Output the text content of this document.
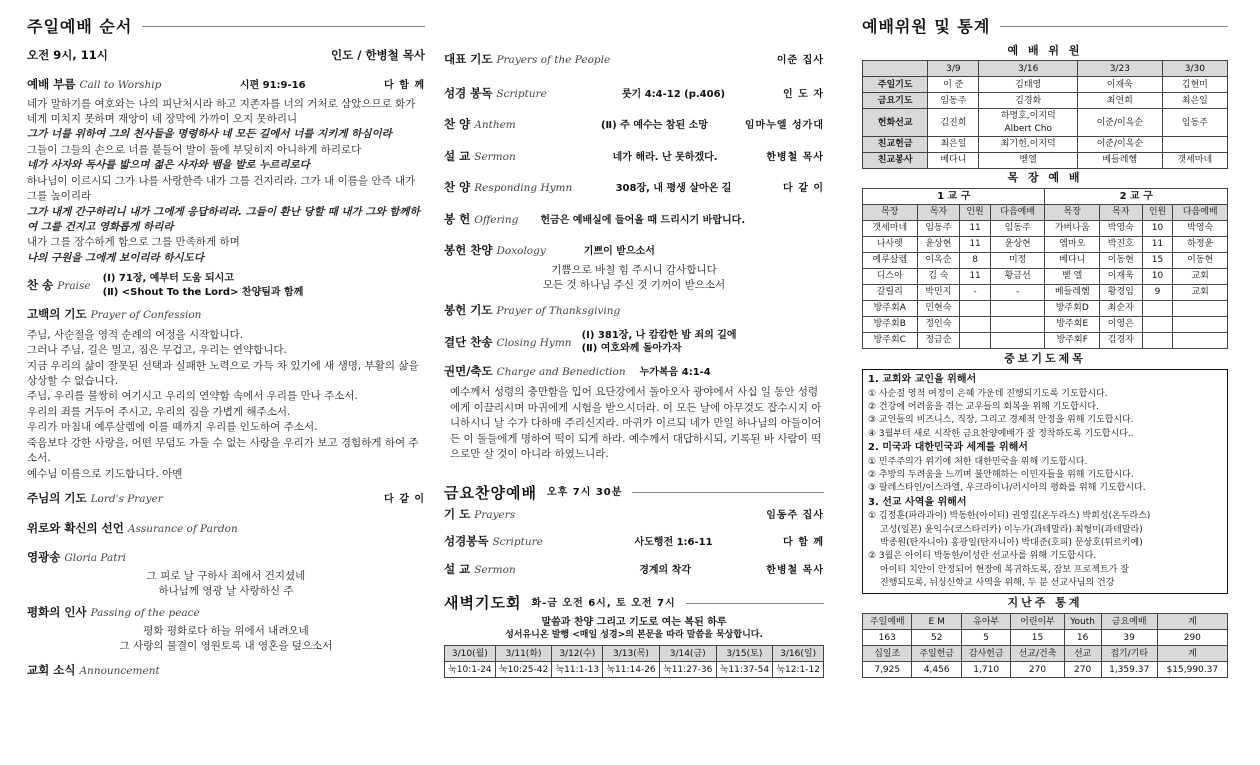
주일예배 순서
오전 9시, 11시	인도 / 한병철 목사
예배 부름 Call to Worship	시편 91:9-16	다 함 께
네가 말하기를 여호와는 나의 피난처시라 하고 지존자를 너의 거처로 삼았으므로 화가 네게 미치지 못하며 재앙이 네 장막에 가까이 오지 못하리니
그가 너를 위하여 그의 천사들을 명령하사 네 모든 길에서 너를 지키게 하심이라
그들이 그들의 손으로 너를 붙들어 발이 돌에 부딪히지 아니하게 하리로다
네가 사자와 독사를 밟으며 젊은 사자와 뱀을 발로 누르리로다
하나님이 이르시되 그가 나를 사랑한즉 내가 그를 건지리라. 그가 내 이름을 안즉 내가 그를 높이리라
그가 내게 간구하리니 내가 그에게 응답하리라. 그들이 환난 당할 때 내가 그와 함께하여 그를 건지고 영화롭게 하리라
내가 그를 장수하게 함으로 그를 만족하게 하며
나의 구원을 그에게 보이리라 하시도다
찬 송 Praise
(Ⅰ) 71장, 예부터 도움 되시고
(Ⅱ) <Shout To the Lord> 찬양팀과 함께
고백의 기도 Prayer of Confession
주님, 사순절을 영적 순례의 여정을 시작합니다.
그러나 주님, 길은 멀고, 짐은 무겁고, 우리는 연약합니다.
지금 우리의 삶이 잘못된 선택과 실패한 노력으로 가득 차 있기에 새 생명, 부활의 삶을 상상할 수 없습니다.
주님, 우리를 불쌍히 여기시고 우리의 연약함 속에서 우리를 만나 주소서.
우리의 죄를 거두어 주시고, 우리의 짐을 가볍게 해주소서.
우리가 마침내 예루살렘에 이를 때까지 우리를 인도하여 주소서.
죽음보다 강한 사랑을, 어떤 무덤도 가둘 수 없는 사랑을 우리가 보고 경험하게 하여 주소서.
예수님 이름으로 기도합니다. 아멘
주님의 기도 Lord's Prayer	다 같 이
위로와 확신의 선언 Assurance of Pardon
영광송 Gloria Patri
그 피로 날 구하사 죄에서 건지셨네
하나님께 영광 날 사랑하신 주
평화의 인사 Passing of the peace
평화 평화로다 하늘 위에서 내려오네
그 사랑의 물결이 영원토록 내 영혼을 덮으소서
교회 소식 Announcement
대표 기도 Prayers of the People	이준 집사
성경 봉독 Scripture	룻기 4:4-12 (p.406)	인 도 자
찬 양 Anthem	(Ⅱ) 주 예수는 참된 소망	임마누엘 성가대
설 교 Sermon	네가 해라. 난 못하겠다.	한병철 목사
찬 양 Responding Hymn	308장, 내 평생 살아온 길	다 같 이
봉 헌 Offering 헌금은 예배실에 들어올 때 드리시기 바랍니다.
봉헌 찬양 Doxology	기쁘이 받으소서
기쁨으로 바칠 힘 주시니 감사합니다
모든 것 하나님 주신 것 기꺼이 받으소서
봉헌 기도 Prayer of Thanksgiving
결단 찬송 Closing Hymn
(Ⅰ) 381장, 나 캄캄한 밤 죄의 길에
(Ⅱ) 여호와께 돌아가자
권면/축도 Charge and Benediction 누가복음 4:1-4
예수께서 성령의 충만함을 입어 요단강에서 돌아오사 광야에서 사십 일 동안 성령에게 이끌리시며 마귀에게 시험을 받으시더라. 이 모든 날에 아무것도 잡수시지 아니하시니 날 수가 다하매 주리신지라. 마귀가 이르되 네가 만일 하나님의 아들이어든 이 돌들에게 명하여 떡이 되게 하라. 예수께서 대답하시되, 기록된 바 사람이 떡으로만 살 것이 아니라 하였느니라.
금요찬양예배 오후 7시 30분
기 도 Prayers	임동주 집사
성경봉독 Scripture	사도행전 1:6-11	다 함 께
설 교 Sermon	경계의 착각	한병철 목사
새벽기도회 화-금 오전 6시, 토 오전 7시
말씀과 찬양 그리고 기도로 여는 복된 하루
성서유니온 발행 <매일 성경>의 본문을 따라 말씀을 묵상합니다.
3/10(월)	3/11(화)	3/12(수)	3/13(목)	3/14(금)	3/15(토)	3/16(일)
눅10:1-24	눅10:25-42	눅11:1-13	눅11:14-26	눅11:27-36	눅11:37-54	눅12:1-12
예배위원 및 통계
예 배 위 원
	3/9	3/16	3/23	3/30
주일기도	이 준	김태영	이재욱	김현미
금요기도	임동주	김경화	최연희	최은일
헌화선교	김진희	하명호,이지덕
Albert Cho	이준/이옥순	임동주
친교헌금	최은일	최기헌,이지덕	이준/이옥순	
친교봉사	베다니	벧엘	베들레헴	갯세마네
목 장 예 배
1 교 구				2 교 구			
목장	목자	인원	다음예배	목장	목자	인원	다음예배
갯세마네	임동주	11	임동주	가버나움	박영숙	10	박영숙
나사렛	윤상현	11	윤상현	엠마오	박진호	11	하정윤
예루살렘	이옥순	8	미정	베다니	이동현	15	이동현
디스아	김 숙	11	황금선	벧 엘	이재욱	10	교회
갈릴리	박민지	-	-	베들레헴	황경임	9	교회
방주회A	민현숙			방주회D	최순자		
방주회B	정인숙			방주회E	이영은		
방주회C	정금순			방주회F	김경자		
중보기도제목
1. 교회와 교인을 위해서
① 사순절 영적 여정이 은혜 가운데 진행되기도록 기도합시다.
② 건강에 어려움을 겪는 교우들의 회복을 위해 기도합시다.
③ 교인들의 비즈니스, 직장, 그리고 경제적 안정을 위해 기도합시다.
④ 3월부터 새로 시작한 금요찬양예배가 잘 정착하도록 기도합시다..
2. 미국과 대한민국과 세계를 위해서
① 민주주의가 위기에 처한 대한민국을 위해 기도합시다.
② 추방의 두려움을 느끼며 불안해하는 이민자들을 위해 기도합시다.
③ 팔레스타인/이스라엘, 우크라이나/러시아의 평화를 위해 기도합시다.
3. 선교 사역을 위해서
① 김정훈(파라과이) 박동한(아이티) 권영길(온두라스) 박희성(온두라스)
고성(일본) 윤익수(코스타리카) 이누가(과테말라) 최형미(과테말라)
박종원(탄자니아) 홍광일(탄자니아) 박대준(호피) 문상호(튀르키예)
② 3월은 아이티 박동한/이성란 선교사를 위해 기도합시다.
아이티 치안이 안정되어 현장에 복귀하도록, 잠보 프로젝트가 잘
진행되도록, 뉘싱신학교 사역을 위해, 두 분 선교사님의 건강
지난주 통계
주일예배	E M	유아부	어린이부	Youth	금요예배	계
163	52	5	15	16	39	290
십일조	주일헌금	감사헌금	선교/건축	선교	접기/기타	계
7,925	4,456	1,710	270	270	1,359.37	$15,990.37
